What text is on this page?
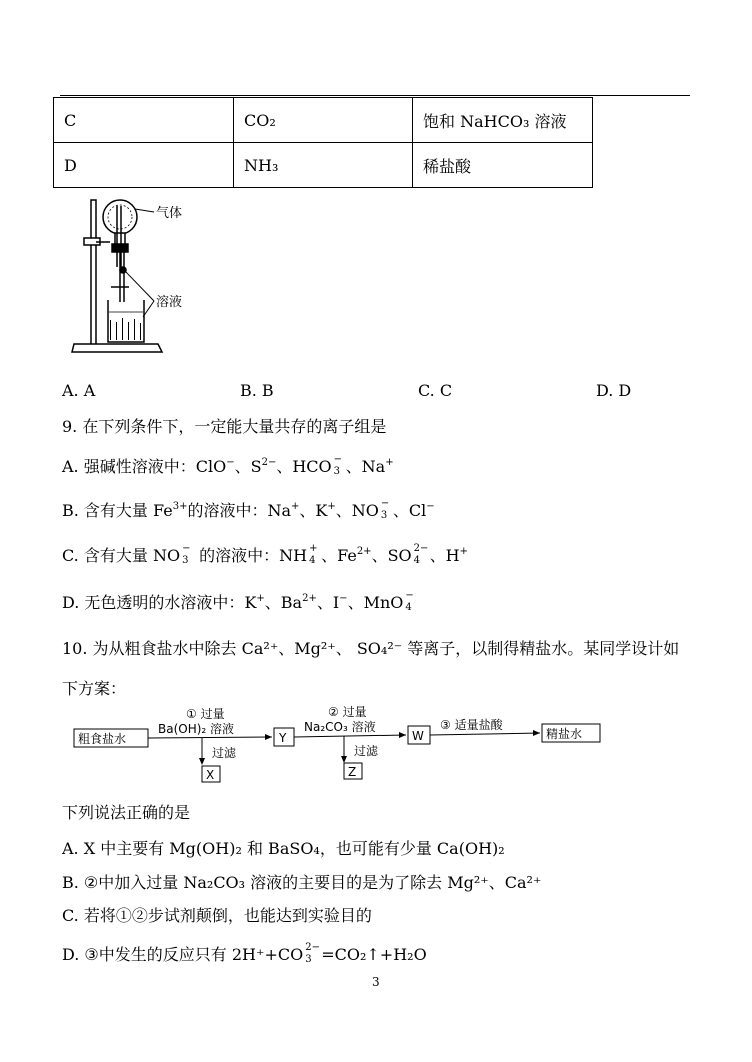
C	CO₂	饱和 NaHCO₃ 溶液
D	NH₃	稀盐酸
气体
溶液
A. A	B. B	C. C	D. D
9. 在下列条件下，一定能大量共存的离子组是
A. 强碱性溶液中：ClO−、$S^{2-}$、HCO −
3 、Na+
B. 含有大量 $Fe^{3+}$的溶液中：Na+、K+、NO −
3 、Cl−
C. 含有大量 NO −
3 的溶液中：NH +
4 、$Fe^{2+}$、SO 2−
4 、H+
D. 无色透明的水溶液中：K+、$Ba^{2+}$、I−、MnO −
4
10. 为从粗食盐水中除去 Ca²⁺、Mg²⁺、 SO₄²⁻ 等离子，以制得精盐水。某同学设计如
下方案：
粗食盐水
① 过量
Ba(OH)₂ 溶液
Y
② 过量
Na₂CO₃ 溶液
W
③ 适量盐酸
精盐水
过滤	过滤
X	Z
下列说法正确的是
A. X 中主要有 Mg(OH)₂ 和 BaSO₄，也可能有少量 Ca(OH)₂
B. ②中加入过量 Na₂CO₃ 溶液的主要目的是为了除去 Mg²⁺、Ca²⁺
C. 若将①②步试剂颠倒，也能达到实验目的
D. ③中发生的反应只有 2H⁺+CO 2−
3 =CO₂↑+H₂O
3
